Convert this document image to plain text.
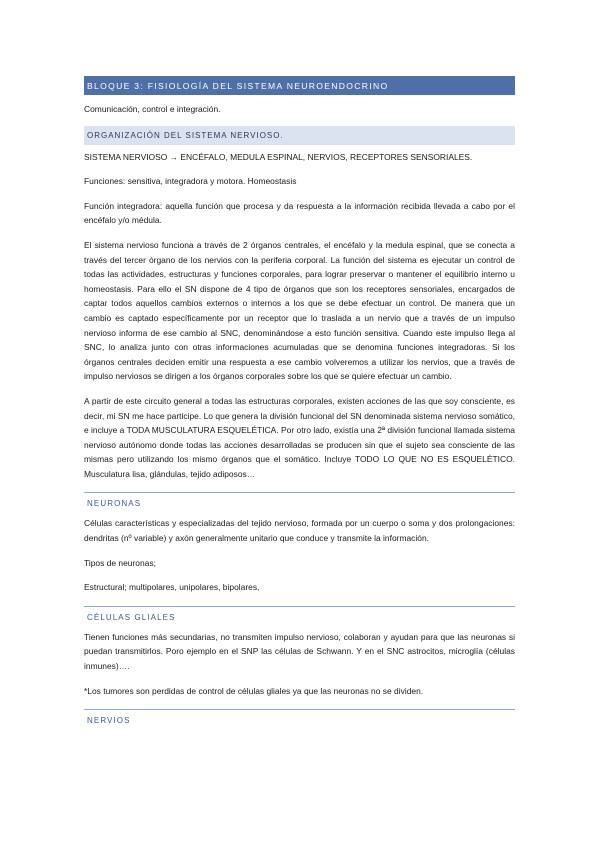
BLOQUE 3: FISIOLOGÍA DEL SISTEMA NEUROENDOCRINO

Comunicación, control e integración.

ORGANIZACIÓN DEL SISTEMA NERVIOSO.

SISTEMA NERVIOSO → ENCÉFALO, MEDULA ESPINAL, NERVIOS, RECEPTORES SENSORIALES.

Funciones: sensitiva, integradora y motora. Homeostasis

Función integradora: aquella función que procesa y da respuesta a la información recibida llevada a cabo por el encéfalo y/o médula.

El sistema nervioso funciona a través de 2 órganos centrales, el encéfalo y la medula espinal, que se conecta a través del tercer órgano de los nervios con la periferia corporal. La función del sistema es ejecutar un control de todas las actividades, estructuras y funciones corporales, para lograr preservar o mantener el equilibrio interno u homeostasis. Para ello el SN dispone de 4 tipo de órganos que son los receptores sensoriales, encargados de captar todos aquellos cambios externos o internos a los que se debe efectuar un control. De manera que un cambio es captado específicamente por un receptor que lo traslada a un nervio que a través de un impulso nervioso informa de ese cambio al SNC, denominándose a esto función sensitiva. Cuando este impulso llega al SNC, lo analiza junto con otras informaciones acumuladas que se denomina funciones integradoras. Si los órganos centrales deciden emitir una respuesta a ese cambio volveremos a utilizar los nervios, que a través de impulso nerviosos se dirigen a los órganos corporales sobre los que se quiere efectuar un cambio.

A partir de este circuito general a todas las estructuras corporales, existen acciones de las que soy consciente, es decir, mi SN me hace participe. Lo que genera la división funcional del SN denominada sistema nervioso somático, e incluye a TODA MUSCULATURA ESQUELÉTICA. Por otro lado, existía una 2ª división funcional llamada sistema nervioso autónomo donde todas las acciones desarrolladas se producen sin que el sujeto sea consciente de las mismas pero utilizando los mismo órganos que el somático. Incluye TODO LO QUE NO ES ESQUELÉTICO. Musculatura lisa, glándulas, tejido adiposos…

NEURONAS

Células características y especializadas del tejido nervioso, formada por un cuerpo o soma y dos prolongaciones: dendritas (nº variable) y axón generalmente unitario que conduce y transmite la información.

Tipos de neuronas;

Estructural; multipolares, unipolares, bipolares,

CÉLULAS GLIALES

Tienen funciones más secundarias, no transmiten impulso nervioso, colaboran y ayudan para que las neuronas si puedan transmitirlos. Poro ejemplo en el SNP las células de Schwann. Y en el SNC astrocitos, microglía (células inmunes)….

*Los tumores son perdidas de control de células gliales ya que las neuronas no se dividen.

NERVIOS
